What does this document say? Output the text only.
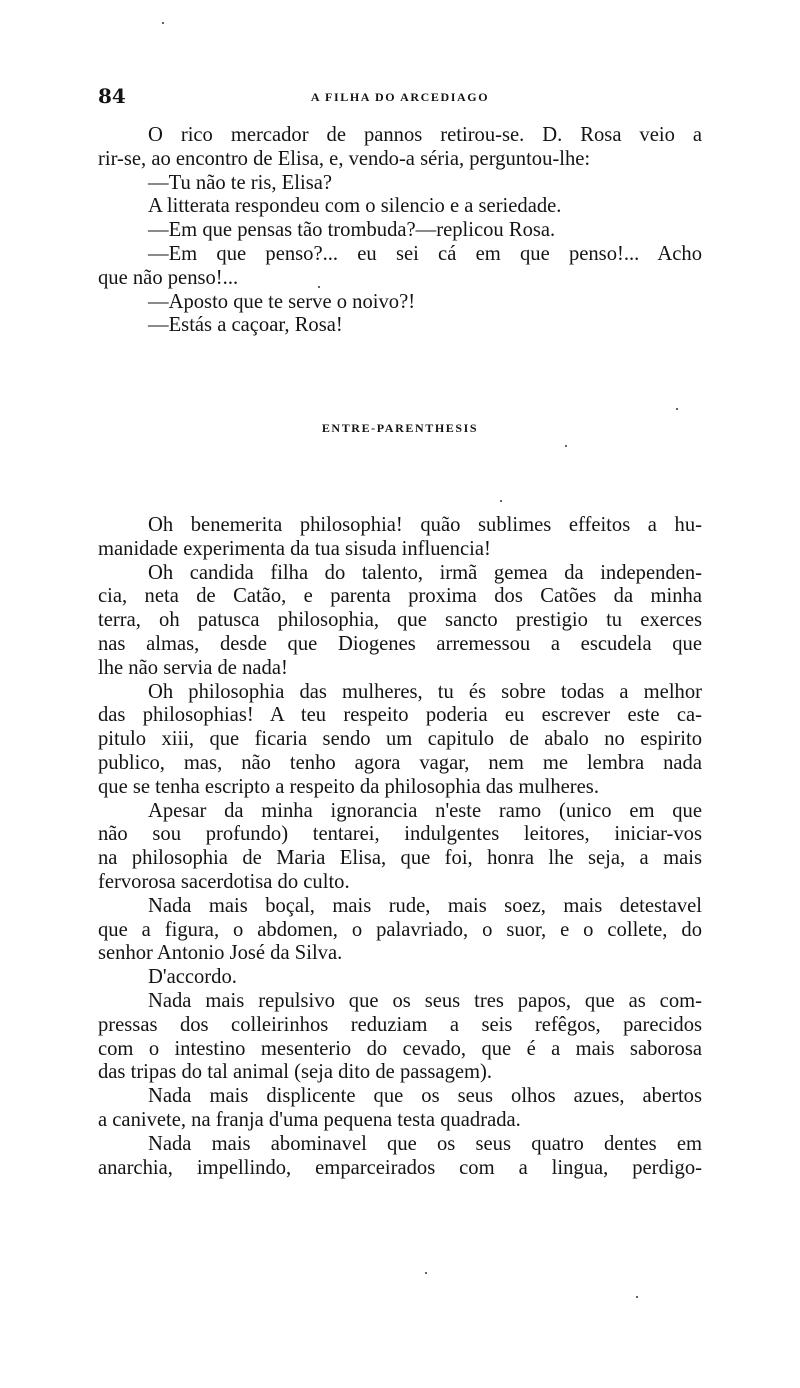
84	A FILHA DO ARCEDIAGO
O rico mercador de pannos retirou-se. D. Rosa veio a
rir-se, ao encontro de Elisa, e, vendo-a séria, perguntou-lhe:
—Tu não te ris, Elisa?
A litterata respondeu com o silencio e a seriedade.
—Em que pensas tão trombuda?—replicou Rosa.
—Em que penso?... eu sei cá em que penso!... Acho
que não penso!...
—Aposto que te serve o noivo?!
—Estás a caçoar, Rosa!
ENTRE-PARENTHESIS
Oh benemerita philosophia! quão sublimes effeitos a hu-
manidade experimenta da tua sisuda influencia!
Oh candida filha do talento, irmã gemea da independen-
cia, neta de Catão, e parenta proxima dos Catões da minha
terra, oh patusca philosophia, que sancto prestigio tu exerces
nas almas, desde que Diogenes arremessou a escudela que
lhe não servia de nada!
Oh philosophia das mulheres, tu és sobre todas a melhor
das philosophias! A teu respeito poderia eu escrever este ca-
pitulo xiii, que ficaria sendo um capitulo de abalo no espirito
publico, mas, não tenho agora vagar, nem me lembra nada
que se tenha escripto a respeito da philosophia das mulheres.
Apesar da minha ignorancia n'este ramo (unico em que
não sou profundo) tentarei, indulgentes leitores, iniciar-vos
na philosophia de Maria Elisa, que foi, honra lhe seja, a mais
fervorosa sacerdotisa do culto.
Nada mais boçal, mais rude, mais soez, mais detestavel
que a figura, o abdomen, o palavriado, o suor, e o collete, do
senhor Antonio José da Silva.
D'accordo.
Nada mais repulsivo que os seus tres papos, que as com-
pressas dos colleirinhos reduziam a seis refêgos, parecidos
com o intestino mesenterio do cevado, que é a mais saborosa
das tripas do tal animal (seja dito de passagem).
Nada mais displicente que os seus olhos azues, abertos
a canivete, na franja d'uma pequena testa quadrada.
Nada mais abominavel que os seus quatro dentes em
anarchia, impellindo, emparceirados com a lingua, perdigo-
